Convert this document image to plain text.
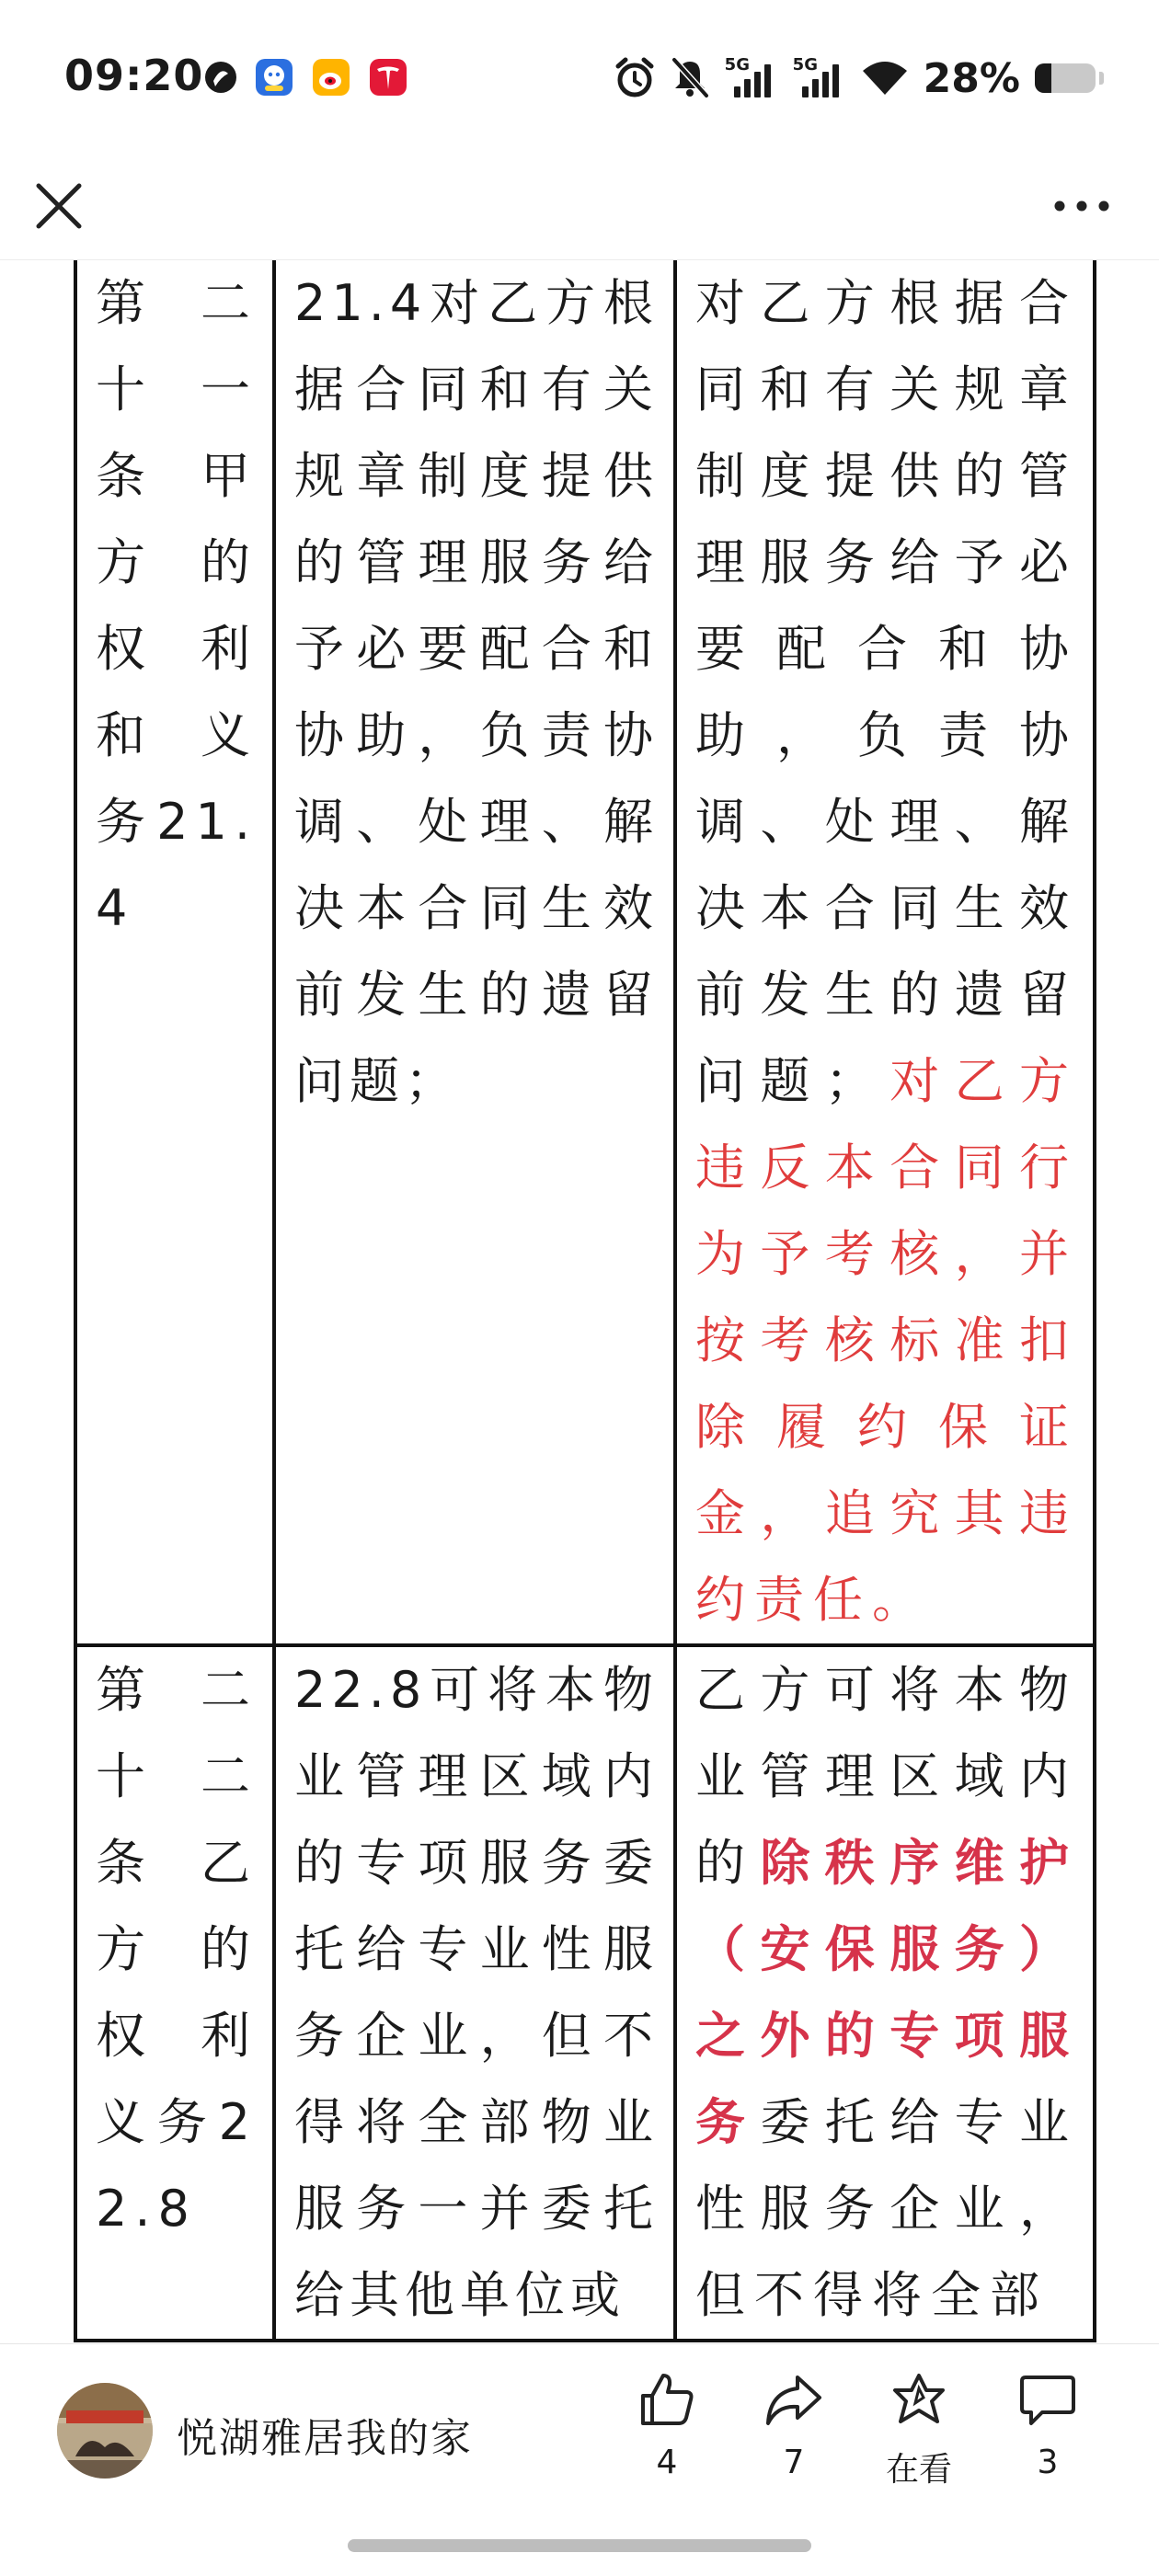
09:20	5G	5G	28%
第二十一条甲方的权利和义务21.4	21.4对乙方根据合同和有关规章制度提供的管理服务给予必要配合和协助，负责协调、处理、解决本合同生效前发生的遗留问题；	对乙方根据合同和有关规章制度提供的管理服务给予必要配合和协助，负责协调、处理、解决本合同生效前发生的遗留问题；对乙方违反本合同行为予考核，并按考核标准扣除履约保证金，追究其违约责任。
第二十二条乙方的权利义务22.8	22.8可将本物业管理区域内的专项服务委托给专业性服务企业，但不得将全部物业服务一并委托给其他单位或	乙方可将本物业管理区域内的除秩序维护（安保服务）之外的专项服务委托给专业性服务企业，但不得将全部
悦湖雅居我的家
4	7	在看	3
